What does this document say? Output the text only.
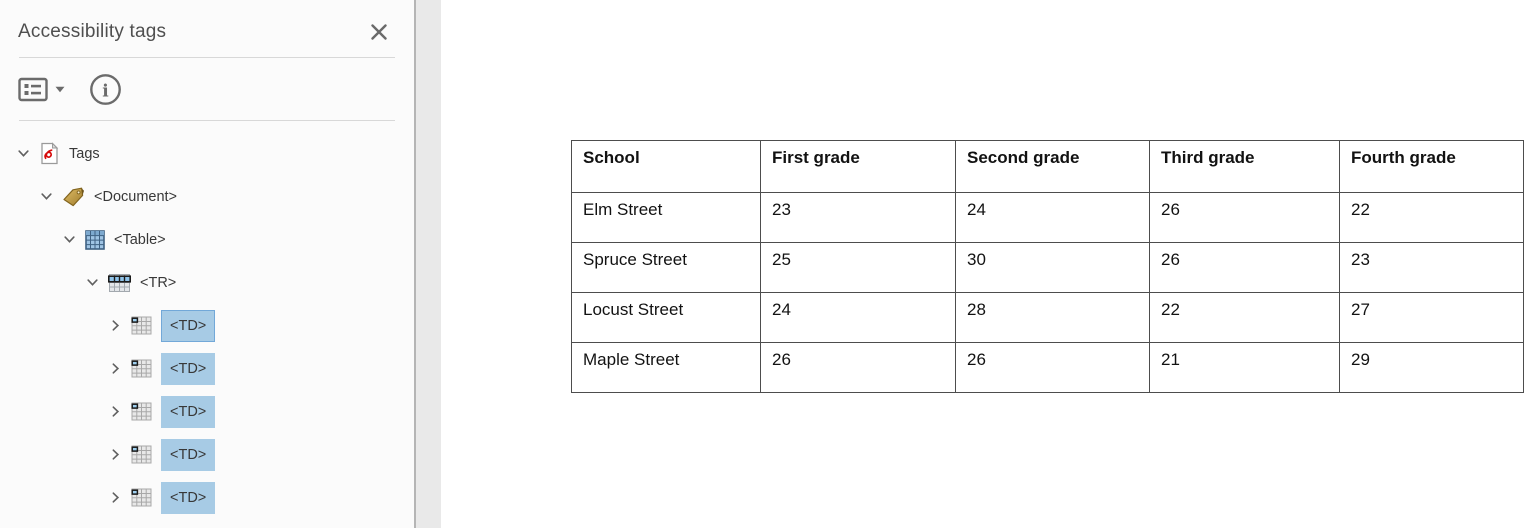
Accessibility tags
i
Tags
<Document>
<Table>
<TR>
<TD>
<TD>
<TD>
<TD>
<TD>
School	First grade	Second grade	Third grade	Fourth grade
Elm Street	23	24	26	22
Spruce Street	25	30	26	23
Locust Street	24	28	22	27
Maple Street	26	26	21	29
